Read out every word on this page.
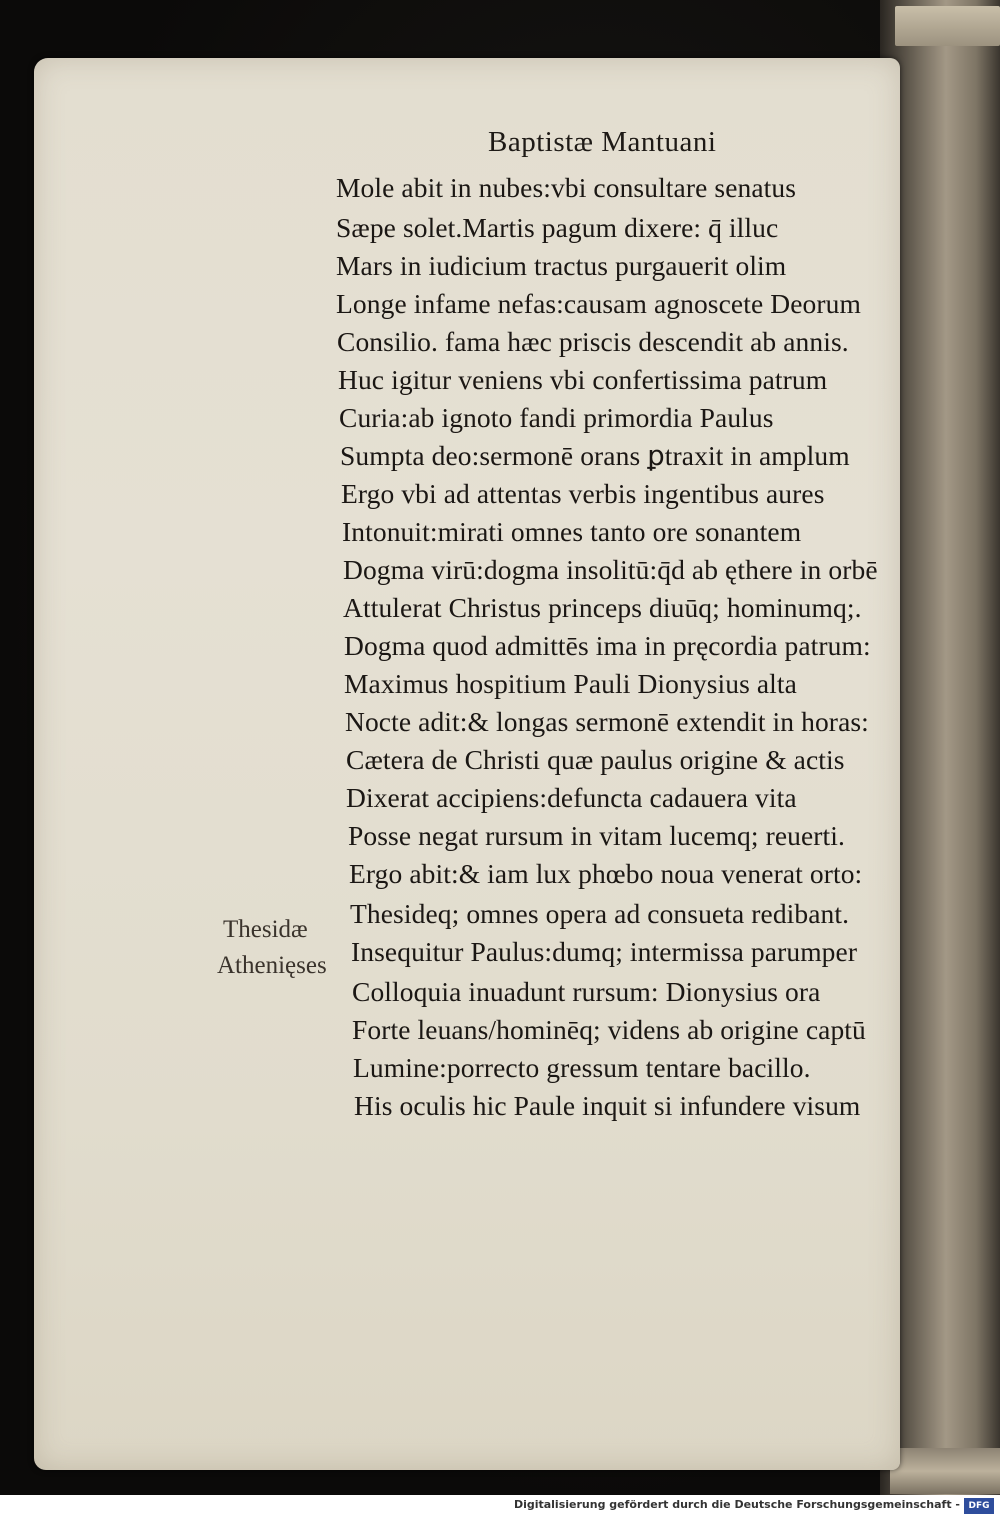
Baptistæ Mantuani
Mole abit in nubes:vbi consultare senatus
Sæpe solet.Martis pagum dixere: q̄ illuc
Mars in iudicium tractus purgauerit olim
Longe infame nefas:causam agnoscete Deorum
Consilio. fama hæc priscis descendit ab annis.
Huc igitur veniens vbi confertissima patrum
Curia:ab ignoto fandi primordia Paulus
Sumpta deo:sermonē orans ꝑtraxit in amplum
Ergo vbi ad attentas verbis ingentibus aures
Intonuit:mirati omnes tanto ore sonantem
Dogma virū:dogma insolitū:q̄d ab ęthere in orbē
Attulerat Christus princeps diuūq; hominumq;.
Dogma quod admittēs ima in pręcordia patrum:
Maximus hospitium Pauli Dionysius alta
Nocte adit:& longas sermonē extendit in horas:
Cætera de Christi quæ paulus origine & actis
Dixerat accipiens:defuncta cadauera vita
Posse negat rursum in vitam lucemq; reuerti.
Ergo abit:& iam lux phœbo noua venerat orto:
Thesideq; omnes opera ad consueta redibant.
Insequitur Paulus:dumq; intermissa parumper
Colloquia inuadunt rursum: Dionysius ora
Forte leuans/hominēq; videns ab origine captū
Lumine:porrecto gressum tentare bacillo.
His oculis hic Paule inquit si infundere visum
Thesidæ
Athenięses
Digitalisierung gefördert durch die Deutsche Forschungsgemeinschaft - DFG
